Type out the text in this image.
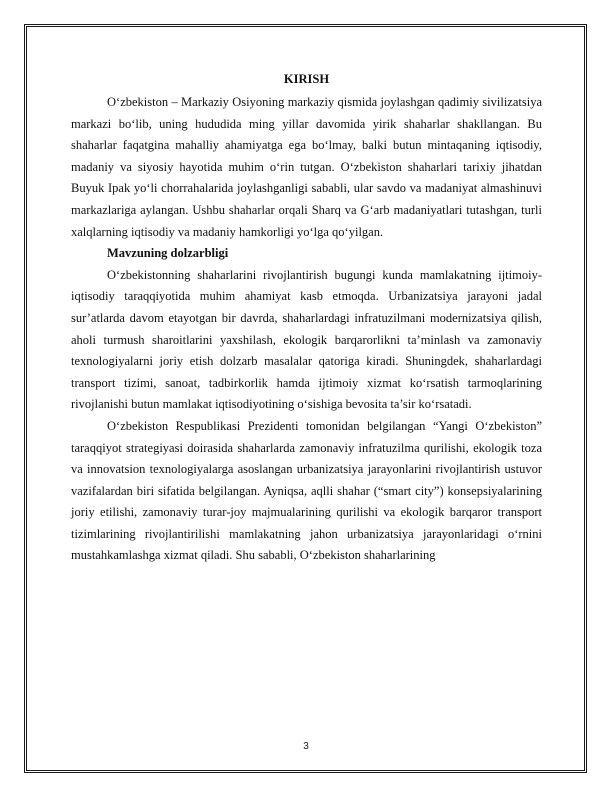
KIRISH

O‘zbekiston – Markaziy Osiyoning markaziy qismida joylashgan qadimiy sivilizatsiya markazi bo‘lib, uning hududida ming yillar davomida yirik shaharlar shakllangan. Bu shaharlar faqatgina mahalliy ahamiyatga ega bo‘lmay, balki butun mintaqaning iqtisodiy, madaniy va siyosiy hayotida muhim o‘rin tutgan. O‘zbekiston shaharlari tarixiy jihatdan Buyuk Ipak yo‘li chorrahalarida joylashganligi sababli, ular savdo va madaniyat almashinuvi markazlariga aylangan. Ushbu shaharlar orqali Sharq va G‘arb madaniyatlari tutashgan, turli xalqlarning iqtisodiy va madaniy hamkorligi yo‘lga qo‘yilgan.

Mavzuning dolzarbligi

O‘zbekistonning shaharlarini rivojlantirish bugungi kunda mamlakatning ijtimoiy-iqtisodiy taraqqiyotida muhim ahamiyat kasb etmoqda. Urbanizatsiya jarayoni jadal sur’atlarda davom etayotgan bir davrda, shaharlardagi infratuzilmani modernizatsiya qilish, aholi turmush sharoitlarini yaxshilash, ekologik barqarorlikni ta’minlash va zamonaviy texnologiyalarni joriy etish dolzarb masalalar qatoriga kiradi. Shuningdek, shaharlardagi transport tizimi, sanoat, tadbirkorlik hamda ijtimoiy xizmat ko‘rsatish tarmoqlarining rivojlanishi butun mamlakat iqtisodiyotining o‘sishiga bevosita ta’sir ko‘rsatadi.

O‘zbekiston Respublikasi Prezidenti tomonidan belgilangan “Yangi O‘zbekiston” taraqqiyot strategiyasi doirasida shaharlarda zamonaviy infratuzilma qurilishi, ekologik toza va innovatsion texnologiyalarga asoslangan urbanizatsiya jarayonlarini rivojlantirish ustuvor vazifalardan biri sifatida belgilangan. Ayniqsa, aqlli shahar (“smart city”) konsepsiyalarining joriy etilishi, zamonaviy turar-joy majmualarining qurilishi va ekologik barqaror transport tizimlarining rivojlantirilishi mamlakatning jahon urbanizatsiya jarayonlaridagi o‘rnini mustahkamlashga xizmat qiladi. Shu sababli, O‘zbekiston shaharlarining

3
